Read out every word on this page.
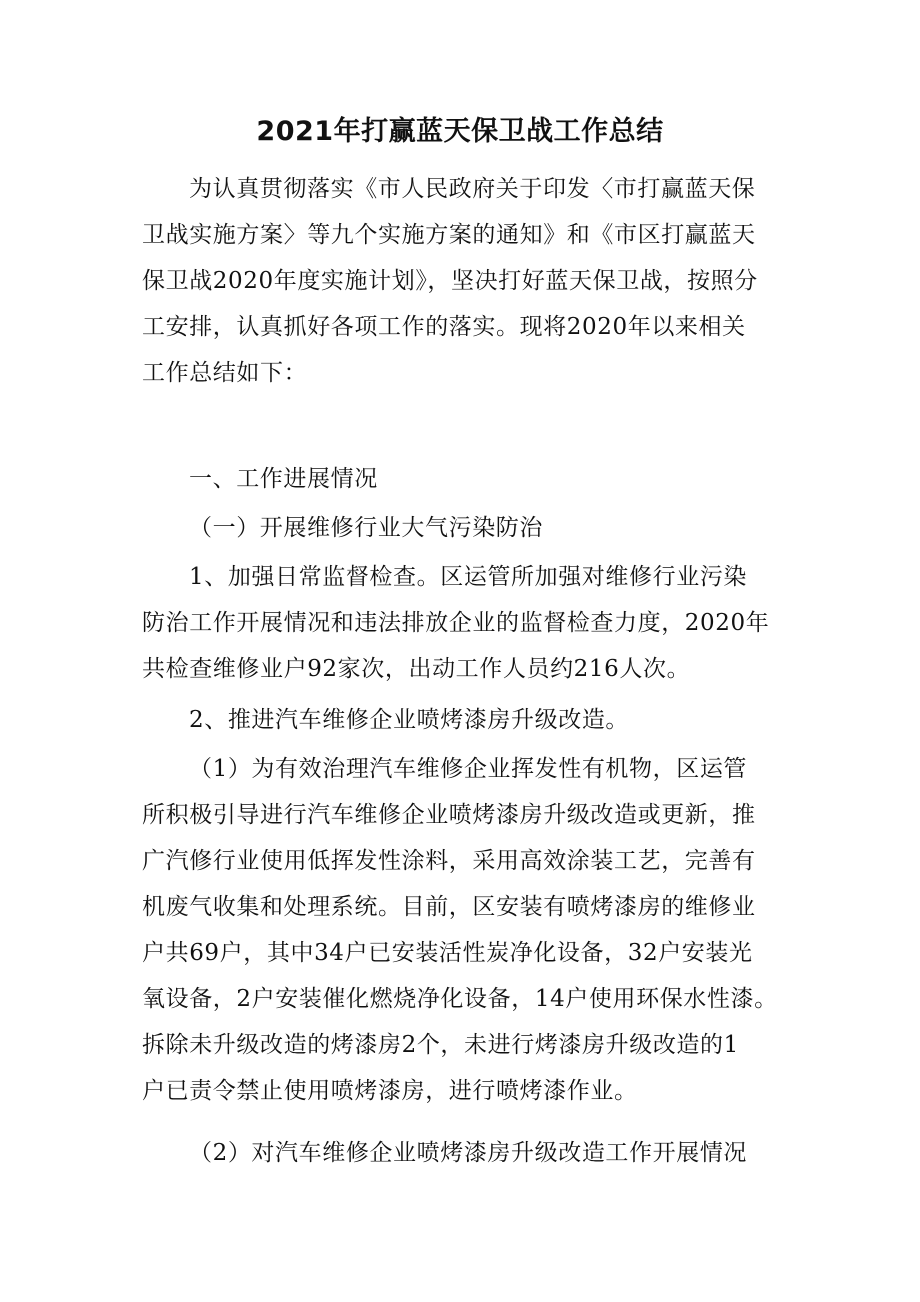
2021年打赢蓝天保卫战工作总结
为认真贯彻落实《市人民政府关于印发〈市打赢蓝天保
卫战实施方案〉等九个实施方案的通知》和《市区打赢蓝天
保卫战2020年度实施计划》，坚决打好蓝天保卫战，按照分
工安排，认真抓好各项工作的落实。现将2020年以来相关
工作总结如下：
一、工作进展情况
（一）开展维修行业大气污染防治
1、加强日常监督检查。区运管所加强对维修行业污染
防治工作开展情况和违法排放企业的监督检查力度，2020年
共检查维修业户92家次，出动工作人员约216人次。
2、推进汽车维修企业喷烤漆房升级改造。
（1）为有效治理汽车维修企业挥发性有机物，区运管
所积极引导进行汽车维修企业喷烤漆房升级改造或更新，推
广汽修行业使用低挥发性涂料，采用高效涂装工艺，完善有
机废气收集和处理系统。目前，区安装有喷烤漆房的维修业
户共69户，其中34户已安装活性炭净化设备，32户安装光
氧设备，2户安装催化燃烧净化设备，14户使用环保水性漆。
拆除未升级改造的烤漆房2个，未进行烤漆房升级改造的1
户已责令禁止使用喷烤漆房，进行喷烤漆作业。
（2）对汽车维修企业喷烤漆房升级改造工作开展情况
